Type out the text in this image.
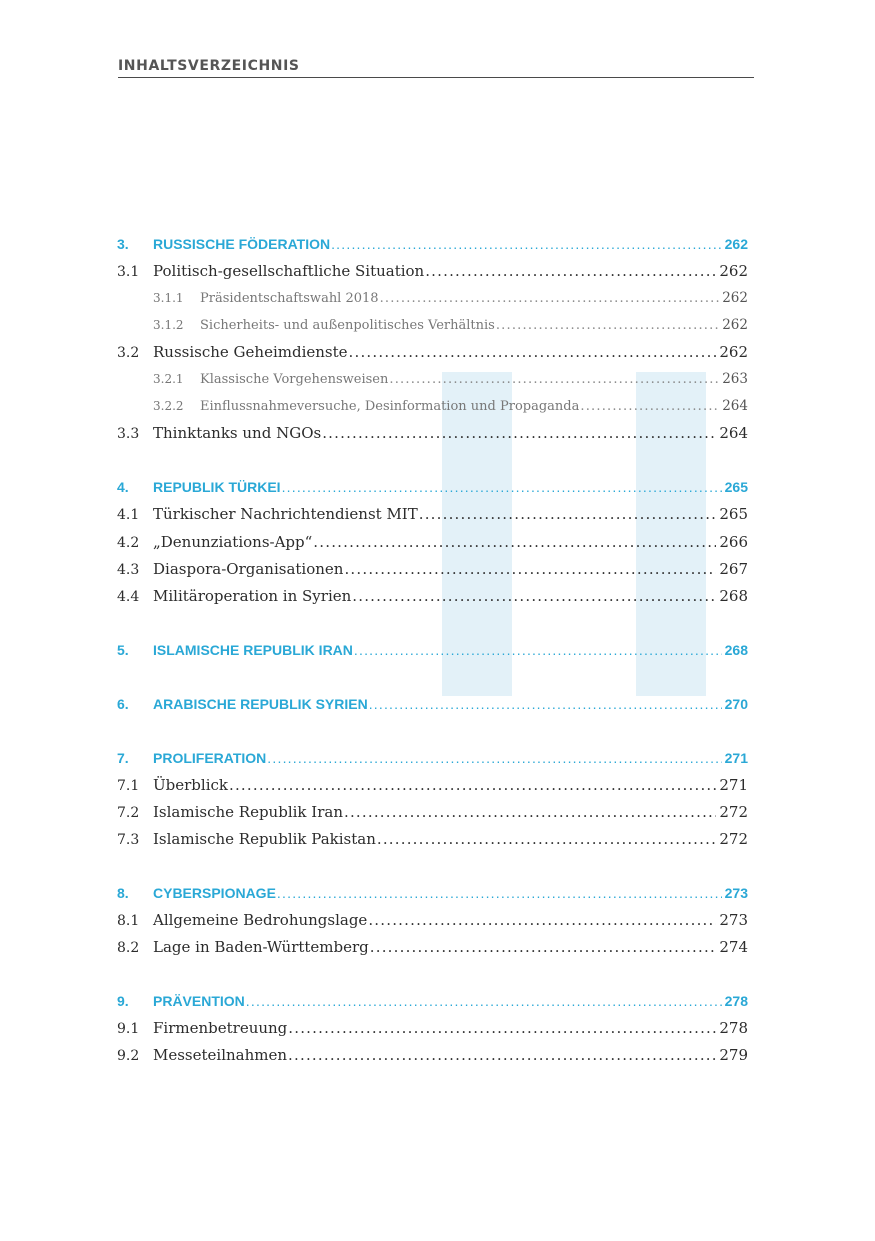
INHALTSVERZEICHNIS
3.	RUSSISCHE FÖDERATION .....	262
3.1 Politisch-gesellschaftliche Situation .....	262
3.1.1	Präsidentschaftswahl 2018 .....	262
3.1.2	Sicherheits- und außenpolitisches Verhältnis .....	262
3.2 Russische Geheimdienste .....	262
3.2.1	Klassische Vorgehensweisen .....	263
3.2.2	Einflussnahmeversuche, Desinformation und Propaganda .....	264
3.3 Thinktanks und NGOs .....	264
4.	REPUBLIK TÜRKEI .....	265
4.1 Türkischer Nachrichtendienst MIT .....	265
4.2 „Denunziations-App“ .....	266
4.3 Diaspora-Organisationen .....	267
4.4 Militäroperation in Syrien .....	268
5.	ISLAMISCHE REPUBLIK IRAN .....	268
6.	ARABISCHE REPUBLIK SYRIEN .....	270
7.	PROLIFERATION .....	271
7.1 Überblick .....	271
7.2 Islamische Republik Iran .....	272
7.3 Islamische Republik Pakistan .....	272
8.	CYBERSPIONAGE .....	273
8.1 Allgemeine Bedrohungslage .....	273
8.2 Lage in Baden-Württemberg .....	274
9.	PRÄVENTION .....	278
9.1 Firmenbetreuung .....	278
9.2 Messeteilnahmen .....	279
